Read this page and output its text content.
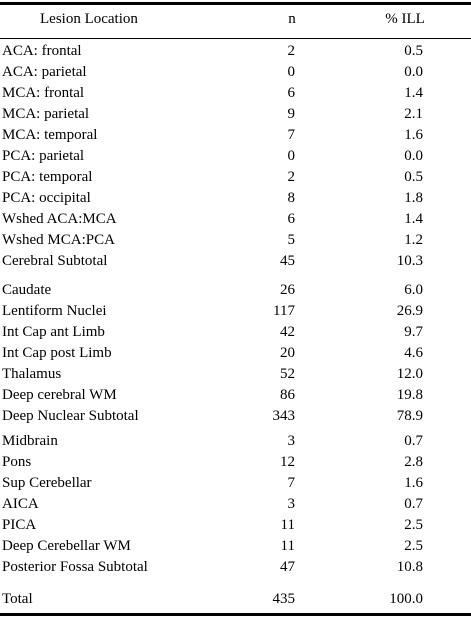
Lesion Location	n	% ILL
ACA: frontal	2	0.5
ACA: parietal	0	0.0
MCA: frontal	6	1.4
MCA: parietal	9	2.1
MCA: temporal	7	1.6
PCA: parietal	0	0.0
PCA: temporal	2	0.5
PCA: occipital	8	1.8
Wshed ACA:MCA	6	1.4
Wshed MCA:PCA	5	1.2
Cerebral Subtotal	45	10.3
Caudate	26	6.0
Lentiform Nuclei	117	26.9
Int Cap ant Limb	42	9.7
Int Cap post Limb	20	4.6
Thalamus	52	12.0
Deep cerebral WM	86	19.8
Deep Nuclear Subtotal	343	78.9
Midbrain	3	0.7
Pons	12	2.8
Sup Cerebellar	7	1.6
AICA	3	0.7
PICA	11	2.5
Deep Cerebellar WM	11	2.5
Posterior Fossa Subtotal	47	10.8
Total	435	100.0
